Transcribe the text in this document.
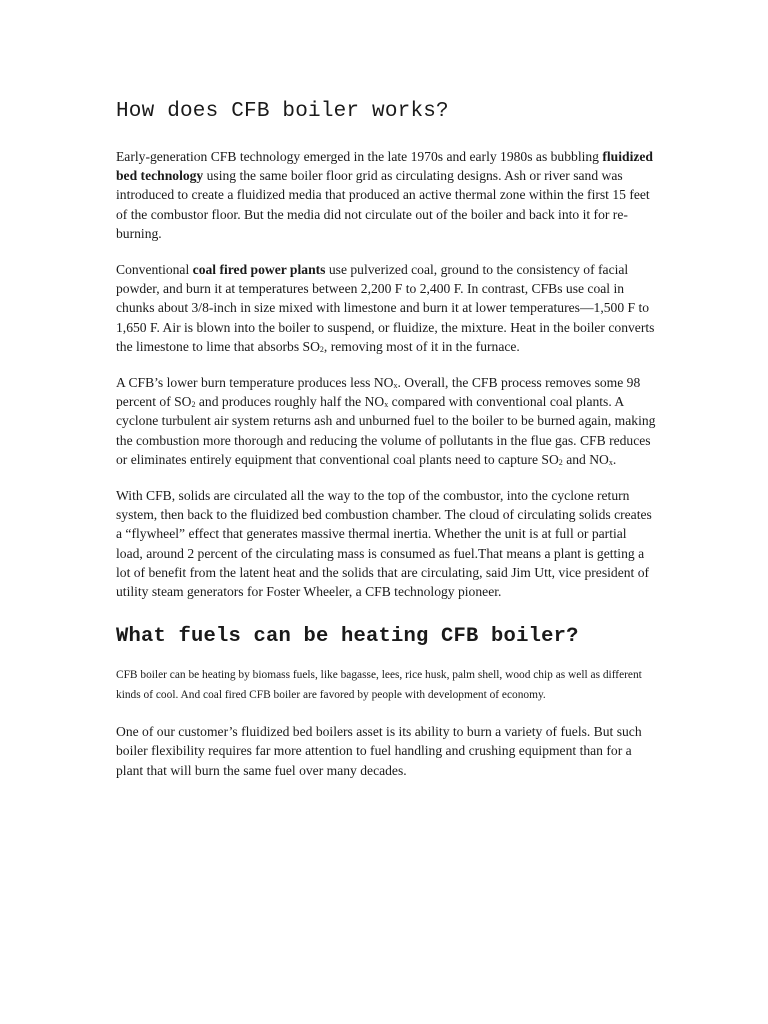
How does CFB boiler works?

Early-generation CFB technology emerged in the late 1970s and early 1980s as bubbling fluidized bed technology using the same boiler floor grid as circulating designs. Ash or river sand was introduced to create a fluidized media that produced an active thermal zone within the first 15 feet of the combustor floor. But the media did not circulate out of the boiler and back into it for re-burning.

Conventional coal fired power plants use pulverized coal, ground to the consistency of facial powder, and burn it at temperatures between 2,200 F to 2,400 F. In contrast, CFBs use coal in chunks about 3/8-inch in size mixed with limestone and burn it at lower temperatures—1,500 F to 1,650 F. Air is blown into the boiler to suspend, or fluidize, the mixture. Heat in the boiler converts the limestone to lime that absorbs $SO_2$, removing most of it in the furnace.

A CFB’s lower burn temperature produces less $NO_x$. Overall, the CFB process removes some 98 percent of $SO_2$ and produces roughly half the $NO_x$ compared with conventional coal plants. A cyclone turbulent air system returns ash and unburned fuel to the boiler to be burned again, making the combustion more thorough and reducing the volume of pollutants in the flue gas. CFB reduces or eliminates entirely equipment that conventional coal plants need to capture $SO_2$ and $NO_x$.

With CFB, solids are circulated all the way to the top of the combustor, into the cyclone return system, then back to the fluidized bed combustion chamber. The cloud of circulating solids creates a “flywheel” effect that generates massive thermal inertia. Whether the unit is at full or partial load, around 2 percent of the circulating mass is consumed as fuel.That means a plant is getting a lot of benefit from the latent heat and the solids that are circulating, said Jim Utt, vice president of utility steam generators for Foster Wheeler, a CFB technology pioneer.

What fuels can be heating CFB boiler?

CFB boiler can be heating by biomass fuels, like bagasse, lees, rice husk, palm shell, wood chip as well as different kinds of cool. And coal fired CFB boiler are favored by people with development of economy.

One of our customer’s fluidized bed boilers asset is its ability to burn a variety of fuels. But such boiler flexibility requires far more attention to fuel handling and crushing equipment than for a plant that will burn the same fuel over many decades.
